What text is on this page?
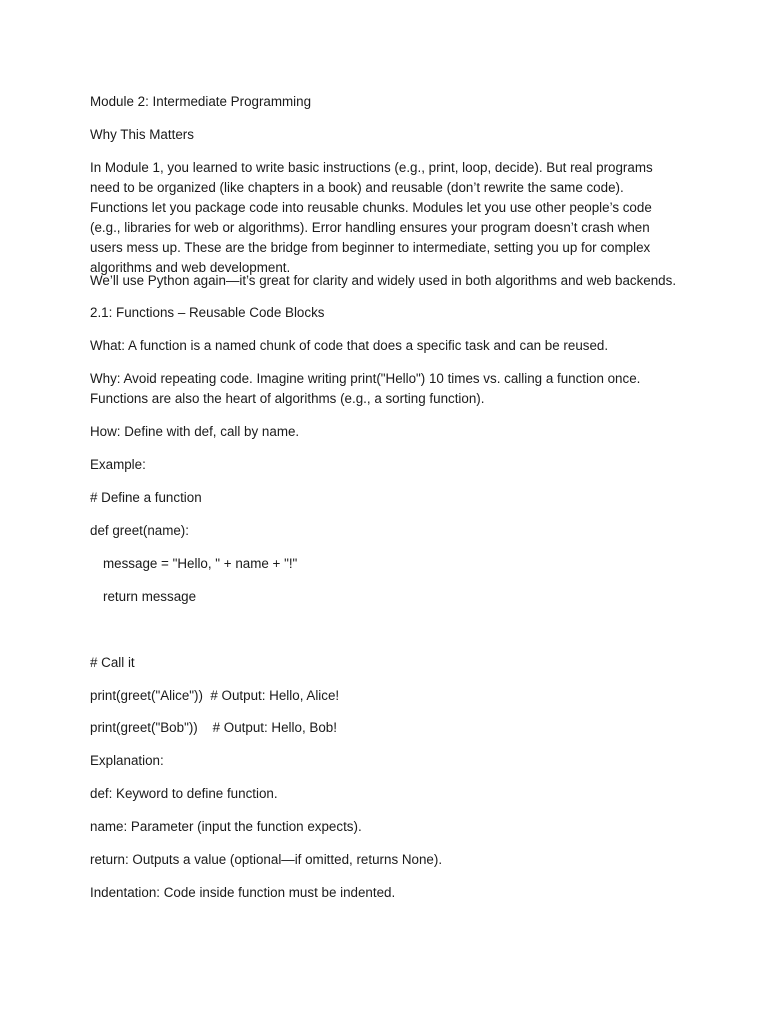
Module 2: Intermediate Programming
Why This Matters
In Module 1, you learned to write basic instructions (e.g., print, loop, decide). But real programs need to be organized (like chapters in a book) and reusable (don’t rewrite the same code). Functions let you package code into reusable chunks. Modules let you use other people’s code (e.g., libraries for web or algorithms). Error handling ensures your program doesn’t crash when users mess up. These are the bridge from beginner to intermediate, setting you up for complex algorithms and web development.
We’ll use Python again—it’s great for clarity and widely used in both algorithms and web backends.
2.1: Functions – Reusable Code Blocks
What: A function is a named chunk of code that does a specific task and can be reused.
Why: Avoid repeating code. Imagine writing print("Hello") 10 times vs. calling a function once. Functions are also the heart of algorithms (e.g., a sorting function).
How: Define with def, call by name.
Example:
# Define a function
def greet(name):
message = "Hello, " + name + "!"
return message
# Call it
print(greet("Alice"))  # Output: Hello, Alice!
print(greet("Bob"))    # Output: Hello, Bob!
Explanation:
def: Keyword to define function.
name: Parameter (input the function expects).
return: Outputs a value (optional—if omitted, returns None).
Indentation: Code inside function must be indented.
